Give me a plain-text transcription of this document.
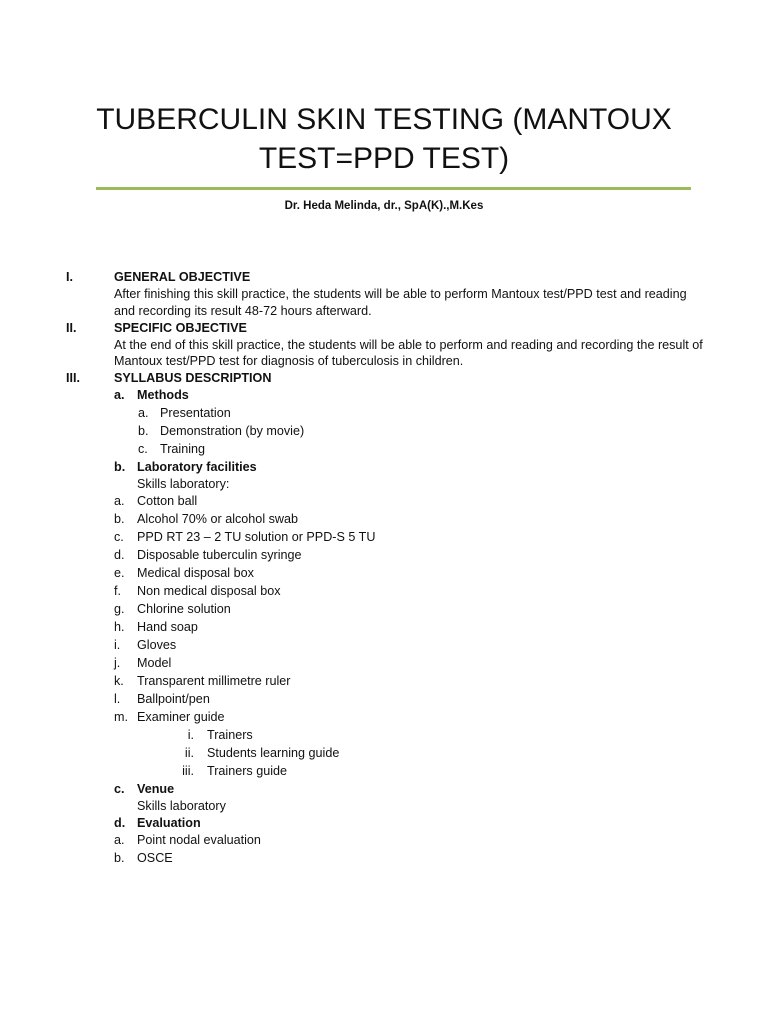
TUBERCULIN SKIN TESTING (MANTOUX TEST=PPD TEST)
Dr. Heda Melinda, dr., SpA(K).,M.Kes
I.	GENERAL OBJECTIVE
After finishing this skill practice, the students will be able to perform Mantoux test/PPD test and reading and recording its result 48-72 hours afterward.
II.	SPECIFIC OBJECTIVE
At the end of this skill practice, the students will be able to perform and reading and recording the result of Mantoux test/PPD test for diagnosis of tuberculosis in children.
III.	SYLLABUS DESCRIPTION
a. Methods
a. Presentation
b. Demonstration (by movie)
c. Training
b. Laboratory facilities
Skills laboratory:
a. Cotton ball
b. Alcohol 70% or alcohol swab
c. PPD RT 23 – 2 TU solution or PPD-S 5 TU
d. Disposable tuberculin syringe
e. Medical disposal box
f. Non medical disposal box
g. Chlorine solution
h. Hand soap
i. Gloves
j. Model
k. Transparent millimetre ruler
l. Ballpoint/pen
m. Examiner guide
i. Trainers
ii. Students learning guide
iii. Trainers guide
c. Venue
Skills laboratory
d. Evaluation
a. Point nodal evaluation
b. OSCE
